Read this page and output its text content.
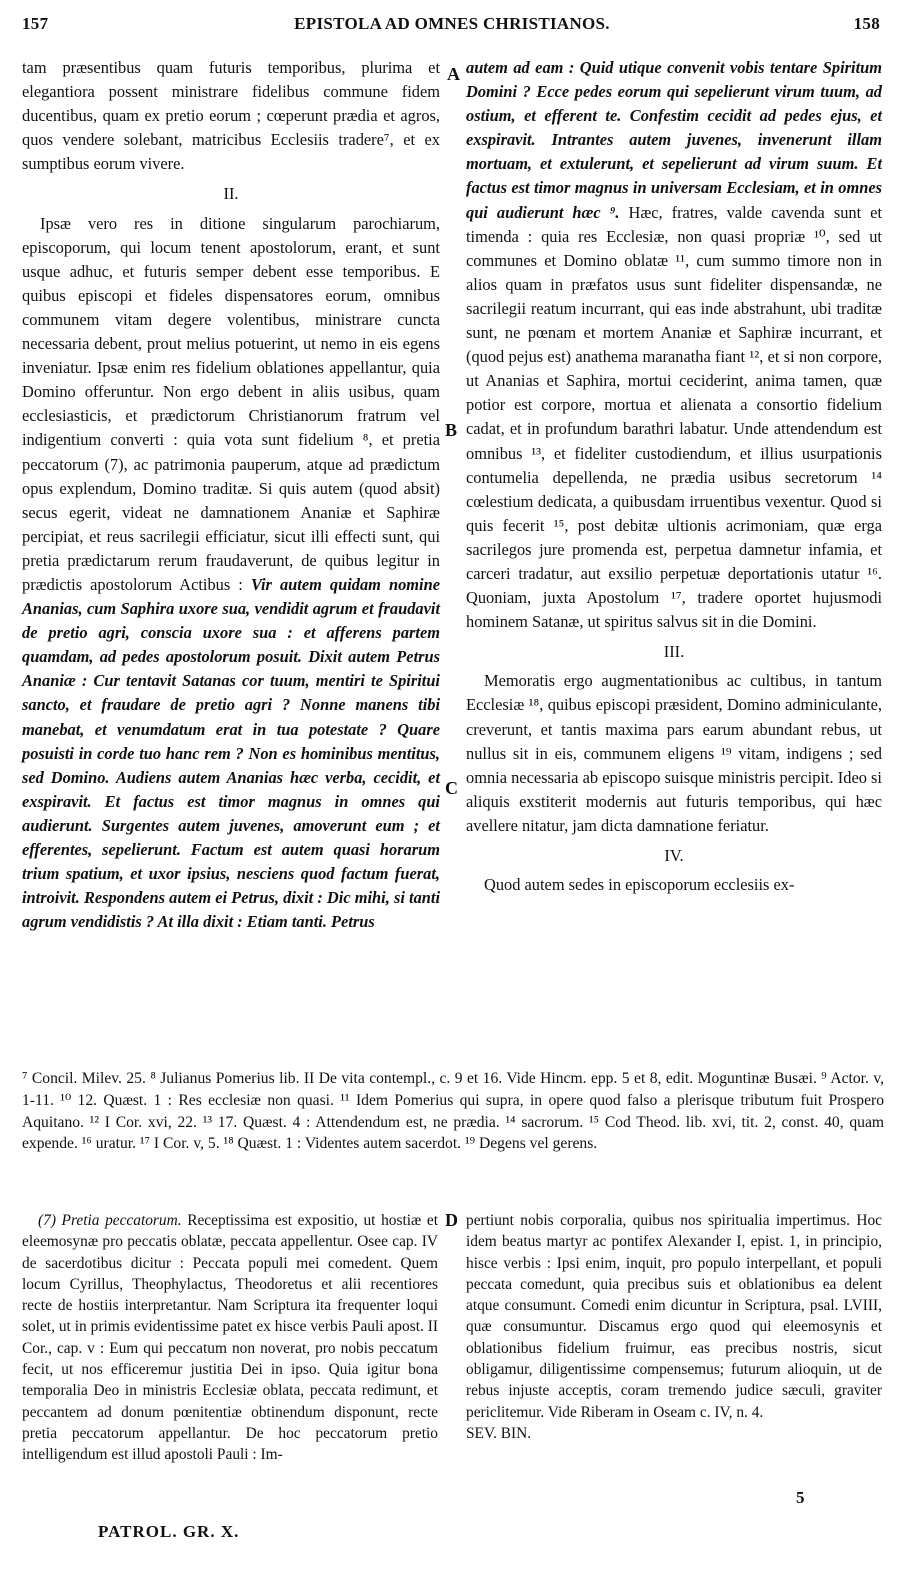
157	EPISTOLA AD OMNES CHRISTIANOS.	158
A
B
C
D

tam præsentibus quam futuris temporibus, plurima et elegantiora possent ministrare fidelibus commune fidem ducentibus, quam ex pretio eorum ; cœperunt prædia et agros, quos vendere solebant, matricibus Ecclesiis tradere⁷, et ex sumptibus eorum vivere.

II.

Ipsæ vero res in ditione singularum parochiarum, episcoporum, qui locum tenent apostolorum, erant, et sunt usque adhuc, et futuris semper debent esse temporibus. E quibus episcopi et fideles dispensatores eorum, omnibus communem vitam degere volentibus, ministrare cuncta necessaria debent, prout melius potuerint, ut nemo in eis egens inveniatur. Ipsæ enim res fidelium oblationes appellantur, quia Domino offeruntur. Non ergo debent in aliis usibus, quam ecclesiasticis, et prædictorum Christianorum fratrum vel indigentium converti : quia vota sunt fidelium ⁸, et pretia peccatorum (7), ac patrimonia pauperum, atque ad prædictum opus explendum, Domino traditæ. Si quis autem (quod absit) secus egerit, videat ne damnationem Ananiæ et Saphiræ percipiat, et reus sacrilegii efficiatur, sicut illi effecti sunt, qui pretia prædictarum rerum fraudaverunt, de quibus legitur in prædictis apostolorum Actibus : Vir autem quidam nomine Ananias, cum Saphira uxore sua, vendidit agrum et fraudavit de pretio agri, conscia uxore sua : et afferens partem quamdam, ad pedes apostolorum posuit. Dixit autem Petrus Ananiæ : Cur tentavit Satanas cor tuum, mentiri te Spiritui sancto, et fraudare de pretio agri ? Nonne manens tibi manebat, et venumdatum erat in tua potestate ? Quare posuisti in corde tuo hanc rem ? Non es hominibus mentitus, sed Domino. Audiens autem Ananias hæc verba, cecidit, et exspiravit. Et factus est timor magnus in omnes qui audierunt. Surgentes autem juvenes, amoverunt eum ; et efferentes, sepelierunt. Factum est autem quasi horarum trium spatium, et uxor ipsius, nesciens quod factum fuerat, introivit. Respondens autem ei Petrus, dixit : Dic mihi, si tanti agrum vendidistis ? At illa dixit : Etiam tanti. Petrus

autem ad eam : Quid utique convenit vobis tentare Spiritum Domini ? Ecce pedes eorum qui sepelierunt virum tuum, ad ostium, et efferent te. Confestim cecidit ad pedes ejus, et exspiravit. Intrantes autem juvenes, invenerunt illam mortuam, et extulerunt, et sepelierunt ad virum suum. Et factus est timor magnus in universam Ecclesiam, et in omnes qui audierunt hæc ⁹. Hæc, fratres, valde cavenda sunt et timenda : quia res Ecclesiæ, non quasi propriæ ¹⁰, sed ut communes et Domino oblatæ ¹¹, cum summo timore non in alios quam in præfatos usus sunt fideliter dispensandæ, ne sacrilegii reatum incurrant, qui eas inde abstrahunt, ubi traditæ sunt, ne pœnam et mortem Ananiæ et Saphiræ incurrant, et (quod pejus est) anathema maranatha fiant ¹², et si non corpore, ut Ananias et Saphira, mortui ceciderint, anima tamen, quæ potior est corpore, mortua et alienata a consortio fidelium cadat, et in profundum barathri labatur. Unde attendendum est omnibus ¹³, et fideliter custodiendum, et illius usurpationis contumelia depellenda, ne prædia usibus secretorum ¹⁴ cœlestium dedicata, a quibusdam irruentibus vexentur. Quod si quis fecerit ¹⁵, post debitæ ultionis acrimoniam, quæ erga sacrilegos jure promenda est, perpetua damnetur infamia, et carceri tradatur, aut exsilio perpetuæ deportationis utatur ¹⁶. Quoniam, juxta Apostolum ¹⁷, tradere oportet hujusmodi hominem Satanæ, ut spiritus salvus sit in die Domini.

III.

Memoratis ergo augmentationibus ac cultibus, in tantum Ecclesiæ ¹⁸, quibus episcopi præsident, Domino adminiculante, creverunt, et tantis maxima pars earum abundant rebus, ut nullus sit in eis, communem eligens ¹⁹ vitam, indigens ; sed omnia necessaria ab episcopo suisque ministris percipit. Ideo si aliquis exstiterit modernis aut futuris temporibus, qui hæc avellere nitatur, jam dicta damnatione feriatur.

IV.

Quod autem sedes in episcoporum ecclesiis ex-

⁷ Concil. Milev. 25. ⁸ Julianus Pomerius lib. II De vita contempl., c. 9 et 16. Vide Hincm. epp. 5 et 8, edit. Moguntinæ Busæi. ⁹ Actor. v, 1-11. ¹⁰ 12. Quæst. 1 : Res ecclesiæ non quasi. ¹¹ Idem Pomerius qui supra, in opere quod falso a plerisque tributum fuit Prospero Aquitano. ¹² I Cor. xvi, 22. ¹³ 17. Quæst. 4 : Attendendum est, ne prædia. ¹⁴ sacrorum. ¹⁵ Cod Theod. lib. xvi, tit. 2, const. 40, quam expende. ¹⁶ uratur. ¹⁷ I Cor. v, 5. ¹⁸ Quæst. 1 : Videntes autem sacerdot. ¹⁹ Degens vel gerens.

(7) Pretia peccatorum. Receptissima est expositio, ut hostiæ et eleemosynæ pro peccatis oblatæ, peccata appellentur. Osee cap. IV de sacerdotibus dicitur : Peccata populi mei comedent. Quem locum Cyrillus, Theophylactus, Theodoretus et alii recentiores recte de hostiis interpretantur. Nam Scriptura ita frequenter loqui solet, ut in primis evidentissime patet ex hisce verbis Pauli apost. II Cor., cap. v : Eum qui peccatum non noverat, pro nobis peccatum fecit, ut nos efficeremur justitia Dei in ipso. Quia igitur bona temporalia Deo in ministris Ecclesiæ oblata, peccata redimunt, et peccantem ad donum pœnitentiæ obtinendum disponunt, recte pretia peccatorum appellantur. De hoc peccatorum pretio intelligendum est illud apostoli Pauli : Im-

pertiunt nobis corporalia, quibus nos spiritualia impertimus. Hoc idem beatus martyr ac pontifex Alexander I, epist. 1, in principio, hisce verbis : Ipsi enim, inquit, pro populo interpellant, et populi peccata comedunt, quia precibus suis et oblationibus ea delent atque consumunt. Comedi enim dicuntur in Scriptura, psal. LVIII, quæ consumuntur. Discamus ergo quod qui eleemosynis et oblationibus fidelium fruimur, eas precibus nostris, sicut obligamur, diligentissime compensemus; futurum alioquin, ut de rebus injuste acceptis, coram tremendo judice sæculi, graviter periclitemur. Vide Riberam in Oseam c. IV, n. 4.

SEV. BIN.

PATROL. GR. X.
5
